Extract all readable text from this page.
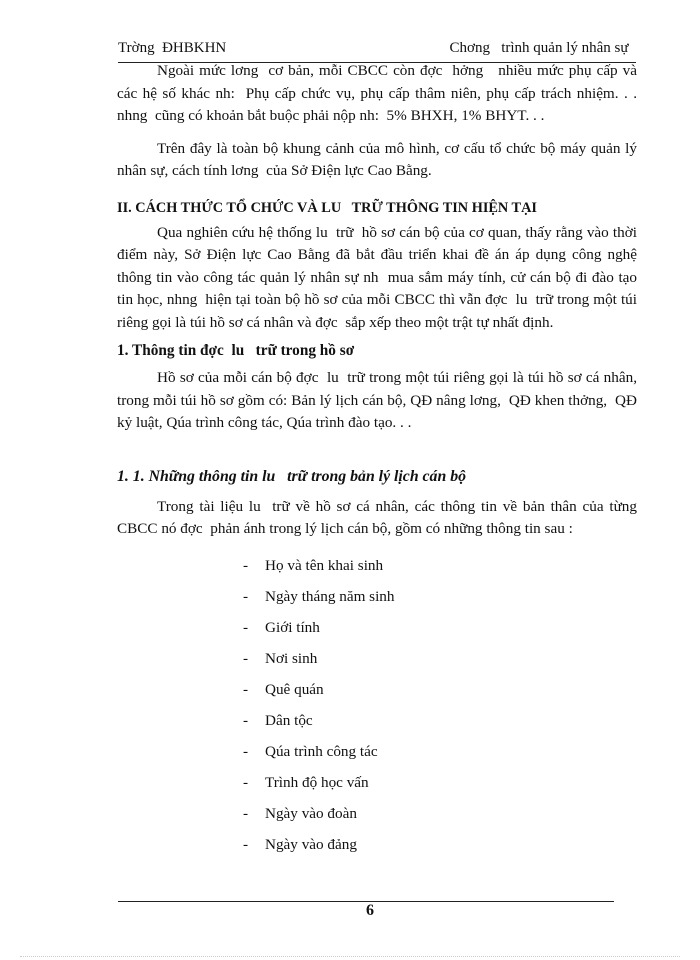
Trờng  ĐHBKHN	Chơng   trình quản lý nhân sự

Ngoài mức lơng  cơ bản, mỗi CBCC còn đợc  hởng   nhiều mức phụ cấp và các hệ số khác nh:  Phụ cấp chức vụ, phụ cấp thâm niên, phụ cấp trách nhiệm. . . nhng  cũng có khoản bắt buộc phải nộp nh:  5% BHXH, 1% BHYT. . .

Trên đây là toàn bộ khung cảnh của mô hình, cơ cấu tổ chức bộ máy quản lý nhân sự, cách tính lơng  của Sở Điện lực Cao Bằng.

II. CÁCH THỨC TỔ CHỨC VÀ LU   TRỮ THÔNG TIN HIỆN TẠI

Qua nghiên cứu hệ thống lu  trữ  hồ sơ cán bộ của cơ quan, thấy rằng vào thời điểm này, Sở Điện lực Cao Bằng đã bắt đầu triển khai đề án áp dụng công nghệ thông tin vào công tác quản lý nhân sự nh  mua sắm máy tính, cử cán bộ đi đào tạo tin học, nhng  hiện tại toàn bộ hồ sơ của mỗi CBCC thì vẫn đợc  lu  trữ trong một túi riêng gọi là túi hồ sơ cá nhân và đợc  sắp xếp theo một trật tự nhất định.

1. Thông tin đợc  lu   trữ trong hồ sơ

Hồ sơ của mỗi cán bộ đợc  lu  trữ trong một túi riêng gọi là túi hồ sơ cá nhân, trong mỗi túi hồ sơ gồm có: Bản lý lịch cán bộ, QĐ nâng lơng,  QĐ khen thởng,  QĐ kỷ luật, Qúa trình công tác, Qúa trình đào tạo. . .

1. 1. Những thông tin lu   trữ trong bản lý lịch cán bộ

Trong tài liệu lu  trữ về hồ sơ cá nhân, các thông tin về bản thân của từng CBCC nó đợc  phản ánh trong lý lịch cán bộ, gồm có những thông tin sau :

- Họ và tên khai sinh
- Ngày tháng năm sinh
- Giới tính
- Nơi sinh
- Quê quán
- Dân tộc
- Qúa trình công tác
- Trình độ học vấn
- Ngày vào đoàn
- Ngày vào đảng
6
